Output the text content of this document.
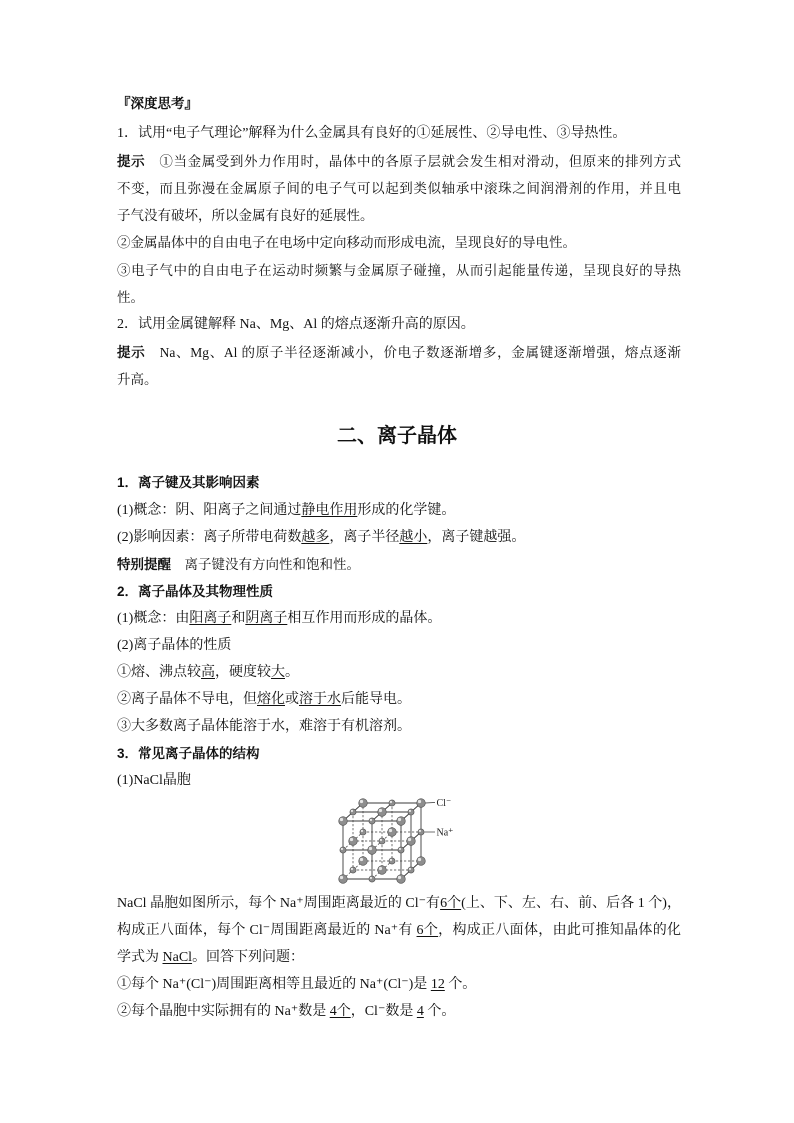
『深度思考』
1．试用“电子气理论”解释为什么金属具有良好的①延展性、②导电性、③导热性。
提示　①当金属受到外力作用时，晶体中的各原子层就会发生相对滑动，但原来的排列方式
不变，而且弥漫在金属原子间的电子气可以起到类似轴承中滚珠之间润滑剂的作用，并且电
子气没有破坏，所以金属有良好的延展性。
②金属晶体中的自由电子在电场中定向移动而形成电流，呈现良好的导电性。
③电子气中的自由电子在运动时频繁与金属原子碰撞，从而引起能量传递，呈现良好的导热
性。
2．试用金属键解释 Na、Mg、Al 的熔点逐渐升高的原因。
提示　Na、Mg、Al 的原子半径逐渐减小，价电子数逐渐增多，金属键逐渐增强，熔点逐渐
升高。
二、离子晶体
1．离子键及其影响因素
(1)概念：阴、阳离子之间通过静电作用形成的化学键。
(2)影响因素：离子所带电荷数越多，离子半径越小，离子键越强。
特别提醒　离子键没有方向性和饱和性。
2．离子晶体及其物理性质
(1)概念：由阳离子和阴离子相互作用而形成的晶体。
(2)离子晶体的性质
①熔、沸点较高，硬度较大。
②离子晶体不导电，但熔化或溶于水后能导电。
③大多数离子晶体能溶于水，难溶于有机溶剂。
3．常见离子晶体的结构
(1)NaCl晶胞
Cl⁻
Na⁺
NaCl 晶胞如图所示，每个 Na⁺周围距离最近的 Cl⁻有6个(上、下、左、右、前、后各 1 个)，
构成正八面体，每个 Cl⁻周围距离最近的 Na⁺有 6个，构成正八面体，由此可推知晶体的化
学式为 NaCl。回答下列问题：
①每个 Na⁺(Cl⁻)周围距离相等且最近的 Na⁺(Cl⁻)是 12 个。
②每个晶胞中实际拥有的 Na⁺数是 4个，Cl⁻数是 4 个。
